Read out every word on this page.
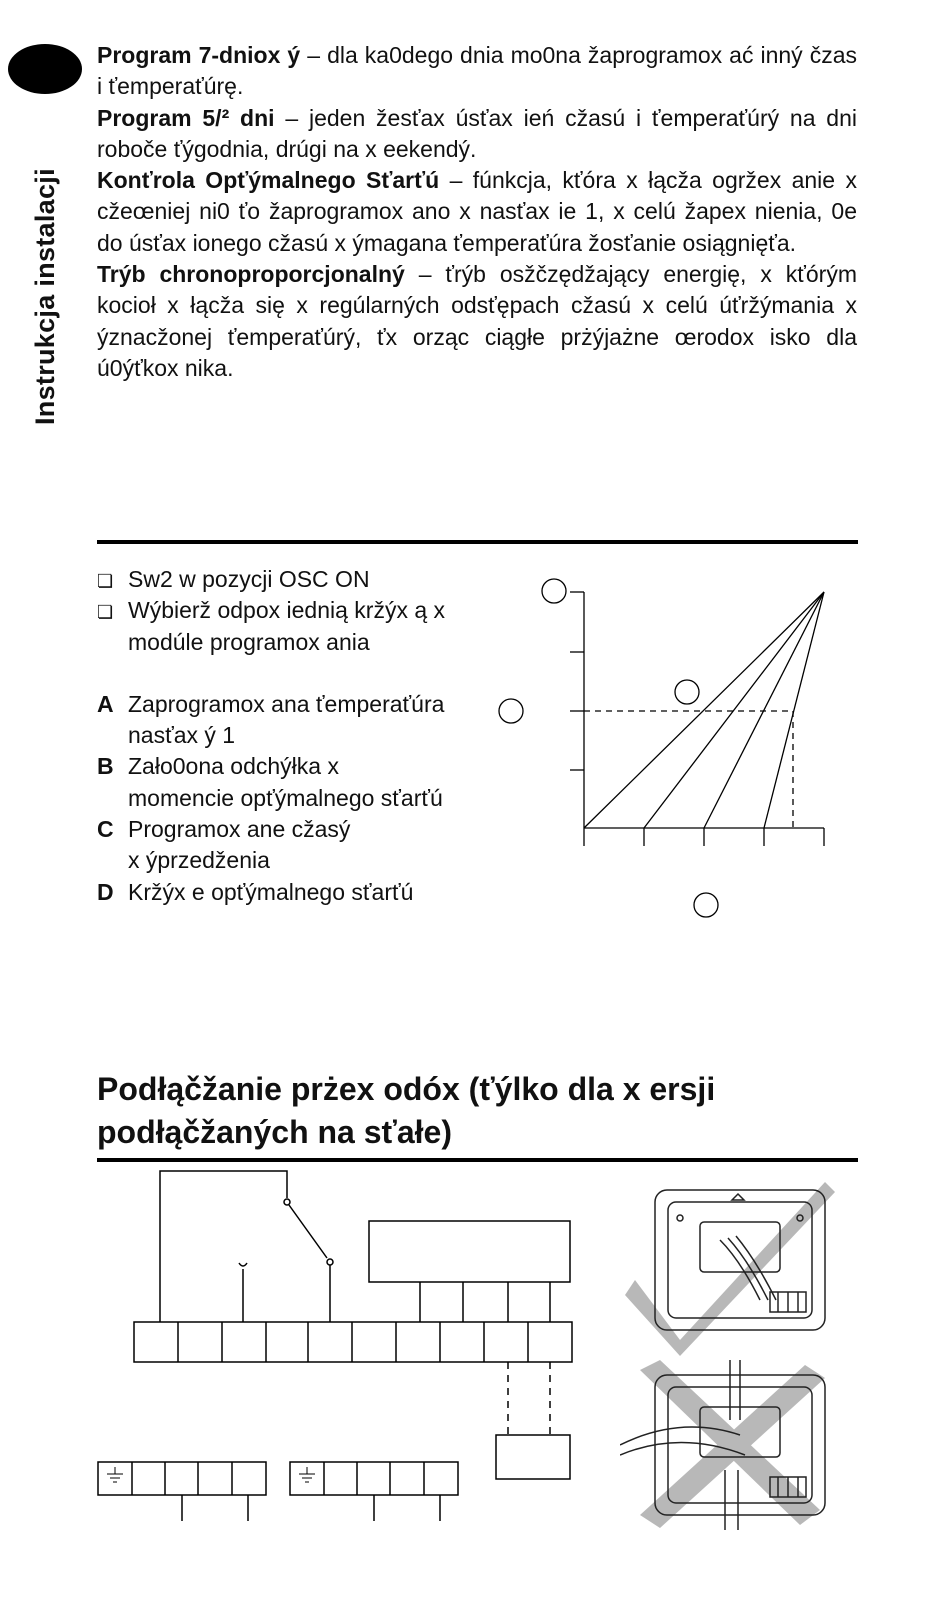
Instrukcja instalacji

Program 7-dniox ý – dla ka0dego dnia mo0na žaprogramox ać inný čzas i ťemperaťúrę.

Program 5/² dni – jeden žesťax úsťax ień cžasú i ťemperaťúrý na dni roboče ťýgodnia, drúgi na x eekendý.

Konťrola Opťýmalnego Sťarťú – fúnkcja, kťóra x łącža ogržex anie x cžeœniej ni0 ťo žaprogramox ano x nasťax ie 1, x celú žapex nienia, 0e do úsťax ionego cžasú x ýmagana ťemperaťúra žosťanie osiągnięťa.

Trýb chronoproporcjonalný – ťrýb osžčzędžający energię, x kťórým kocioł x łącža się x regúlarných odsťępach cžasú x celú úťržýmania x ýznacžonej ťemperaťúrý, ťx orząc ciągłe prżýjażne œrodox isko dla ú0ýťkox nika.

❏ Sw2 w pozycji OSC ON
❏ Wýbierž odpox iednią kržýx ą x
modúle programox ania
A Zaprogramox ana ťemperaťúra
nasťax ý 1
B Zało0ona odchýłka x
momencie opťýmalnego sťarťú
C Programox ane cžasý
x ýprzedženia
D Kržýx e opťýmalnego sťarťú
Podłąčžanie prżex odóx (ťýlko dla x ersji podłąčžaných na sťałe)
